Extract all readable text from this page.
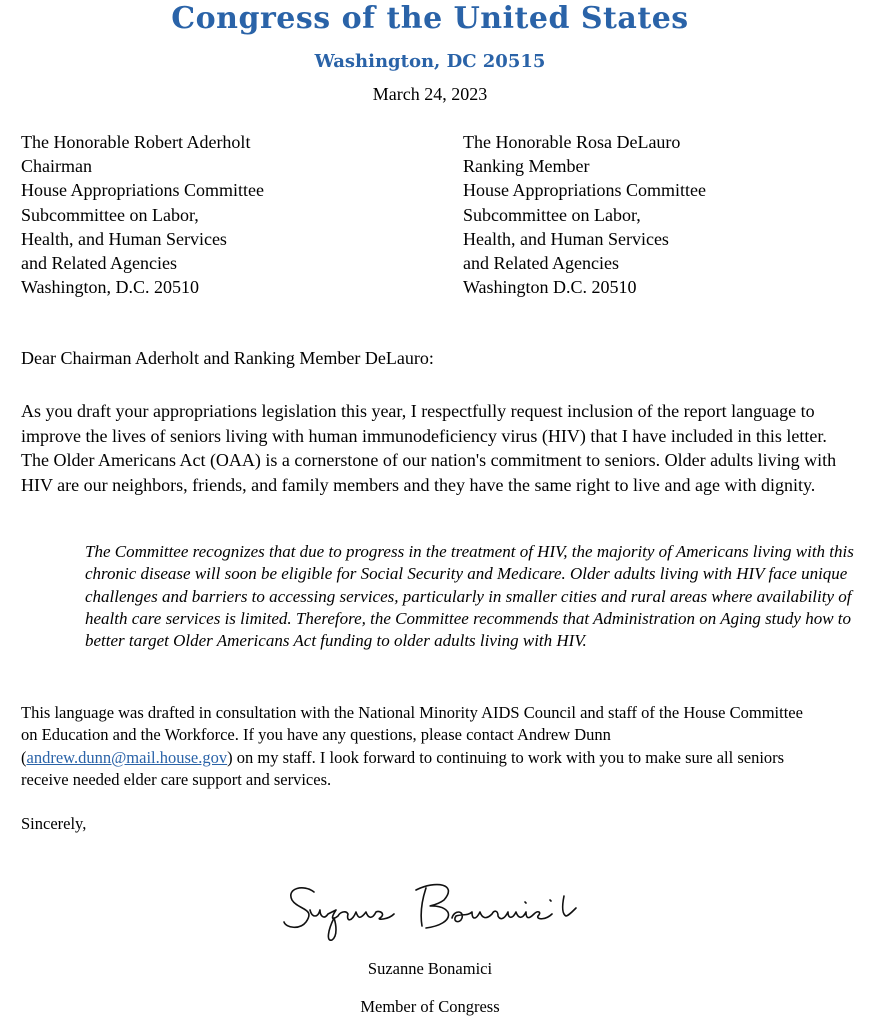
Congress of the United States
Washington, DC 20515
March 24, 2023
The Honorable Robert Aderholt
Chairman
House Appropriations Committee
Subcommittee on Labor,
Health, and Human Services
and Related Agencies
Washington, D.C. 20510
The Honorable Rosa DeLauro
Ranking Member
House Appropriations Committee
Subcommittee on Labor,
Health, and Human Services
and Related Agencies
Washington D.C. 20510
Dear Chairman Aderholt and Ranking Member DeLauro:
As you draft your appropriations legislation this year, I respectfully request inclusion of the report language to improve the lives of seniors living with human immunodeficiency virus (HIV) that I have included in this letter. The Older Americans Act (OAA) is a cornerstone of our nation's commitment to seniors. Older adults living with HIV are our neighbors, friends, and family members and they have the same right to live and age with dignity.
The Committee recognizes that due to progress in the treatment of HIV, the majority of Americans living with this chronic disease will soon be eligible for Social Security and Medicare. Older adults living with HIV face unique challenges and barriers to accessing services, particularly in smaller cities and rural areas where availability of health care services is limited. Therefore, the Committee recommends that Administration on Aging study how to better target Older Americans Act funding to older adults living with HIV.
This language was drafted in consultation with the National Minority AIDS Council and staff of the House Committee on Education and the Workforce. If you have any questions, please contact Andrew Dunn (andrew.dunn@mail.house.gov) on my staff. I look forward to continuing to work with you to make sure all seniors receive needed elder care support and services.
Sincerely,
Suzanne Bonamici
Member of Congress
